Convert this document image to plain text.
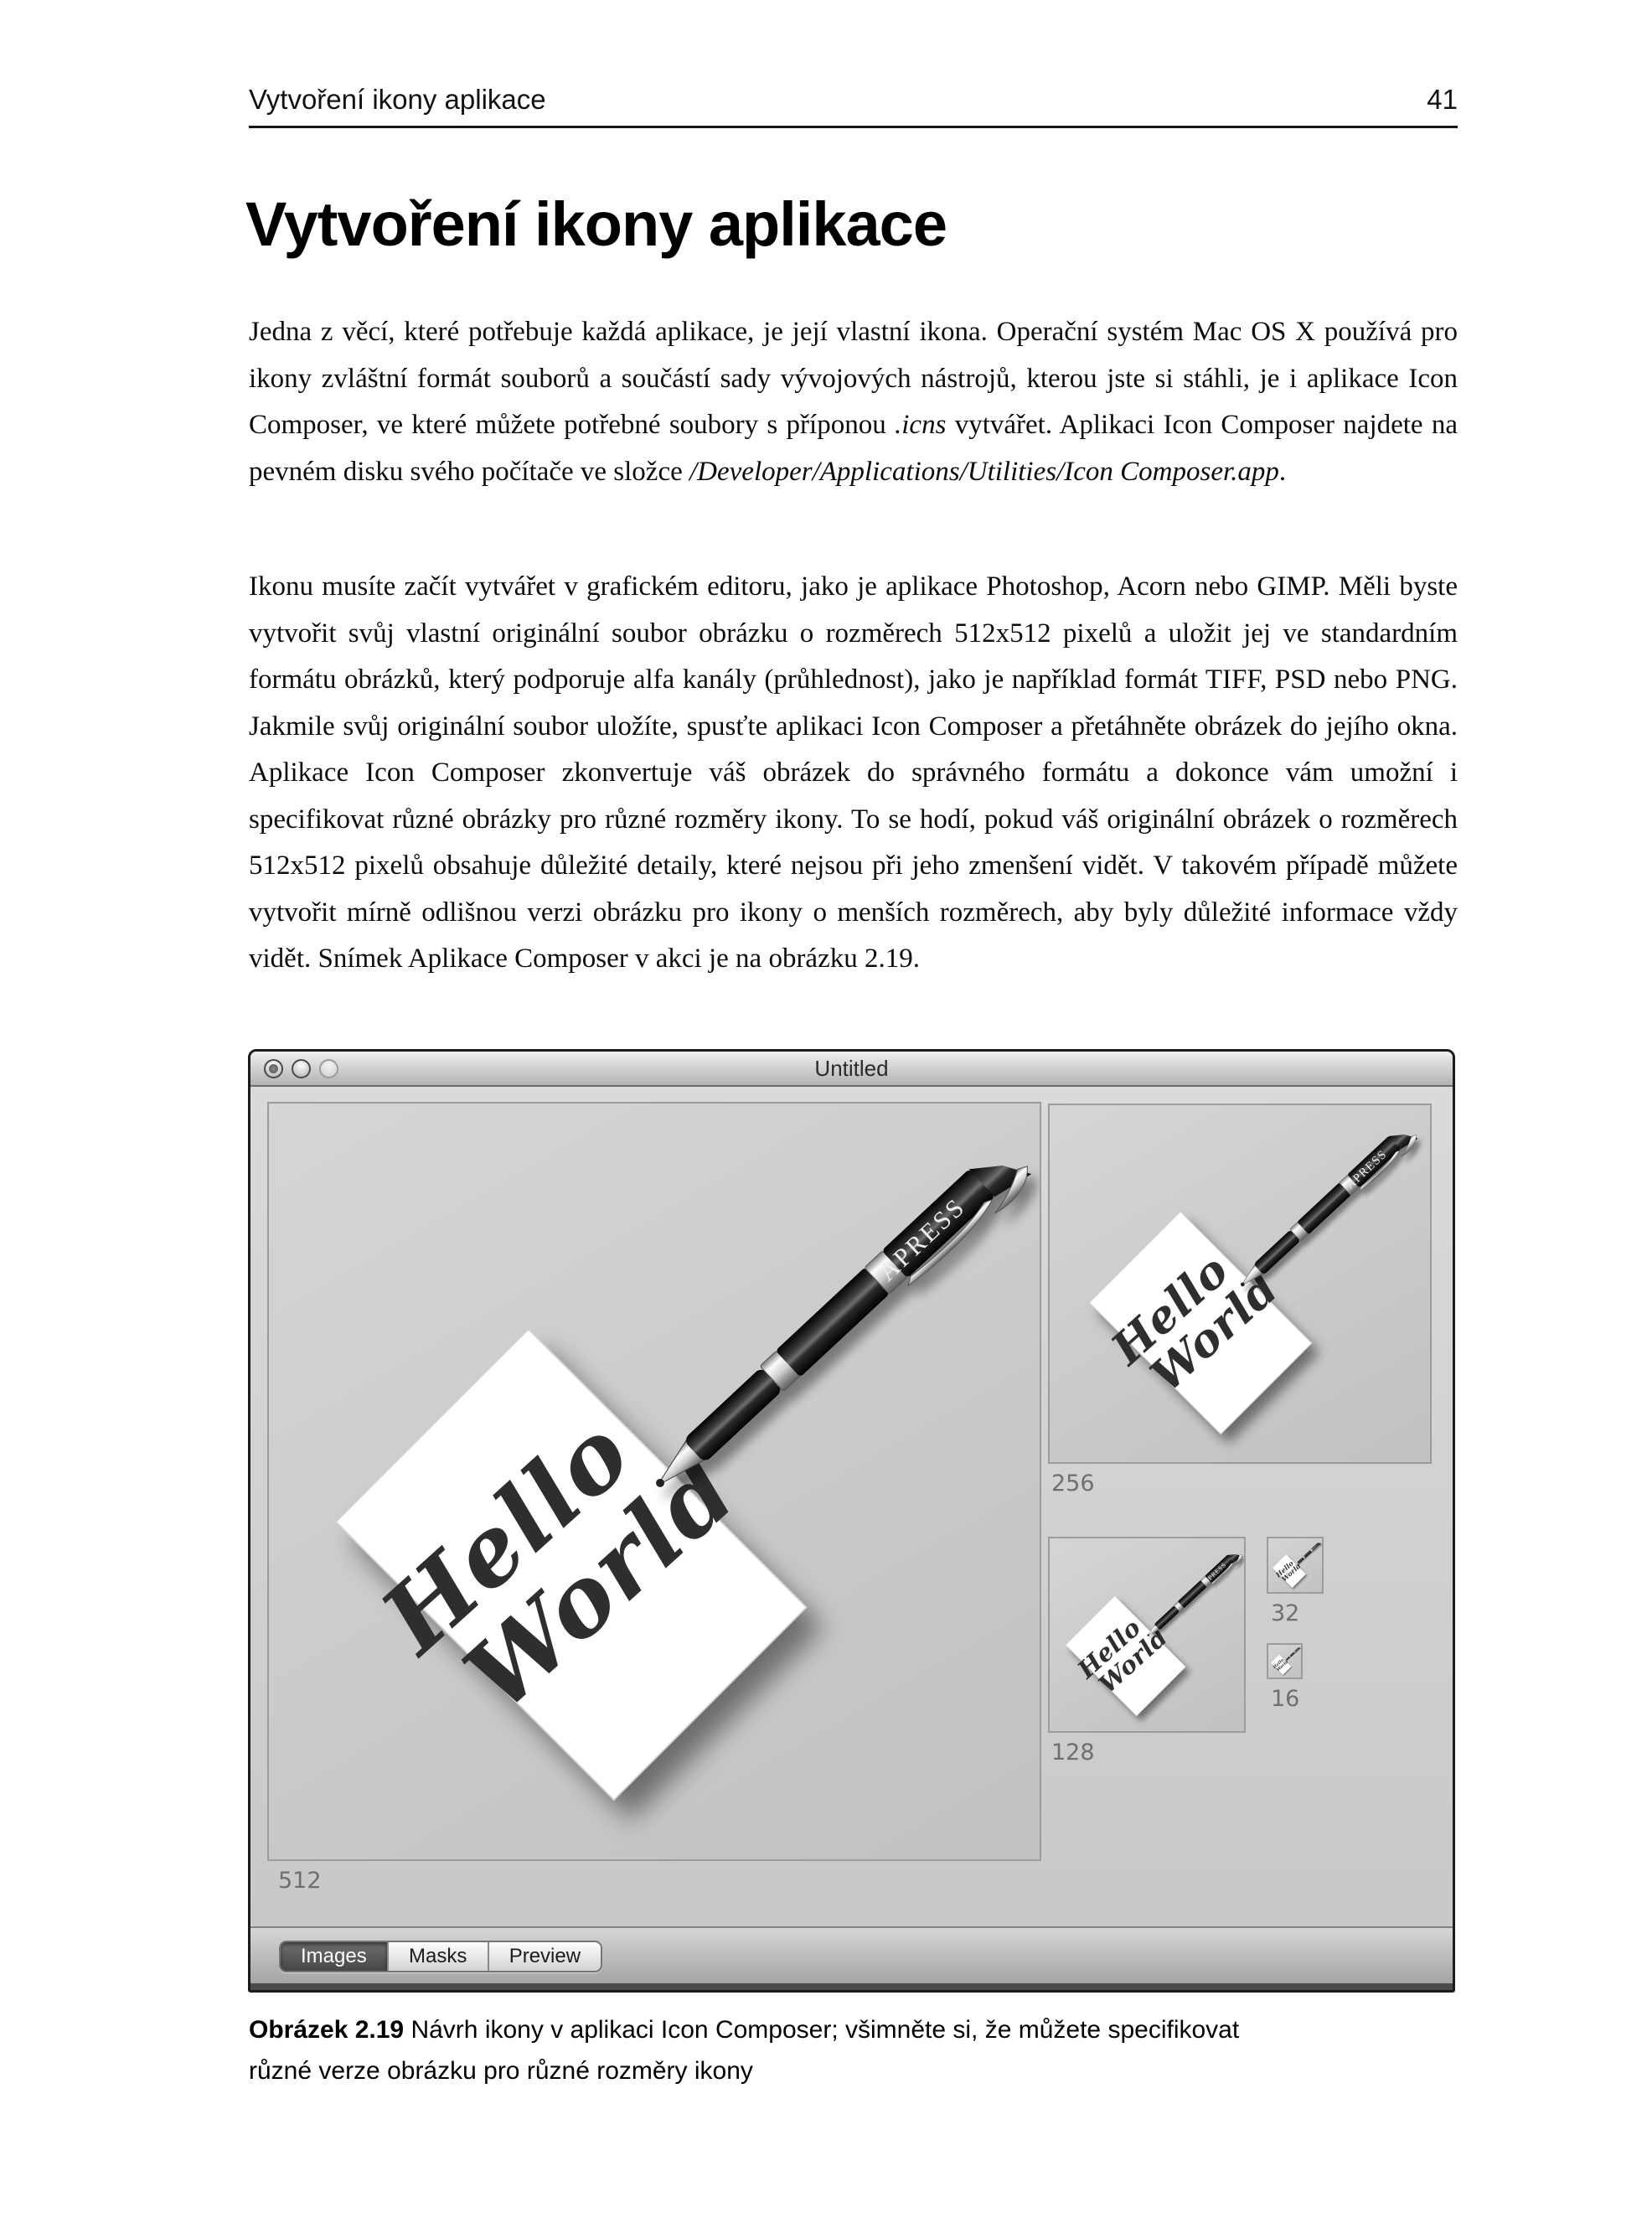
Vytvoření ikony aplikace	41
Vytvoření ikony aplikace

Jedna z věcí, které potřebuje každá aplikace, je její vlastní ikona. Operační systém Mac OS X používá pro ikony zvláštní formát souborů a součástí sady vývojových nástrojů, kterou jste si stáhli, je i aplikace Icon Composer, ve které můžete potřebné soubory s příponou .icns vytvářet. Aplikaci Icon Composer najdete na pevném disku svého počítače ve složce /Developer/Applications/Utilities/Icon Composer.app.

Ikonu musíte začít vytvářet v grafickém editoru, jako je aplikace Photoshop, Acorn nebo GIMP. Měli byste vytvořit svůj vlastní originální soubor obrázku o rozměrech 512x512 pixelů a uložit jej ve standardním formátu obrázků, který podporuje alfa kanály (průhlednost), jako je například formát TIFF, PSD nebo PNG. Jakmile svůj originální soubor uložíte, spusťte aplikaci Icon Composer a přetáhněte obrázek do jejího okna. Aplikace Icon Composer zkonvertuje váš obrázek do správného formátu a dokonce vám umožní i specifikovat různé obrázky pro různé rozměry ikony. To se hodí, pokud váš originální obrázek o rozměrech 512x512 pixelů obsahuje důležité detaily, které nejsou při jeho zmenšení vidět. V takovém případě můžete vytvořit mírně odlišnou verzi obrázku pro ikony o menších rozměrech, aby byly důležité informace vždy vidět. Snímek Aplikace Composer v akci je na obrázku 2.19.

Untitled
512
256
128
32
16
Images	Masks	Preview
Obrázek 2.19 Návrh ikony v aplikaci Icon Composer; všimněte si, že můžete specifikovat
různé verze obrázku pro různé rozměry ikony
